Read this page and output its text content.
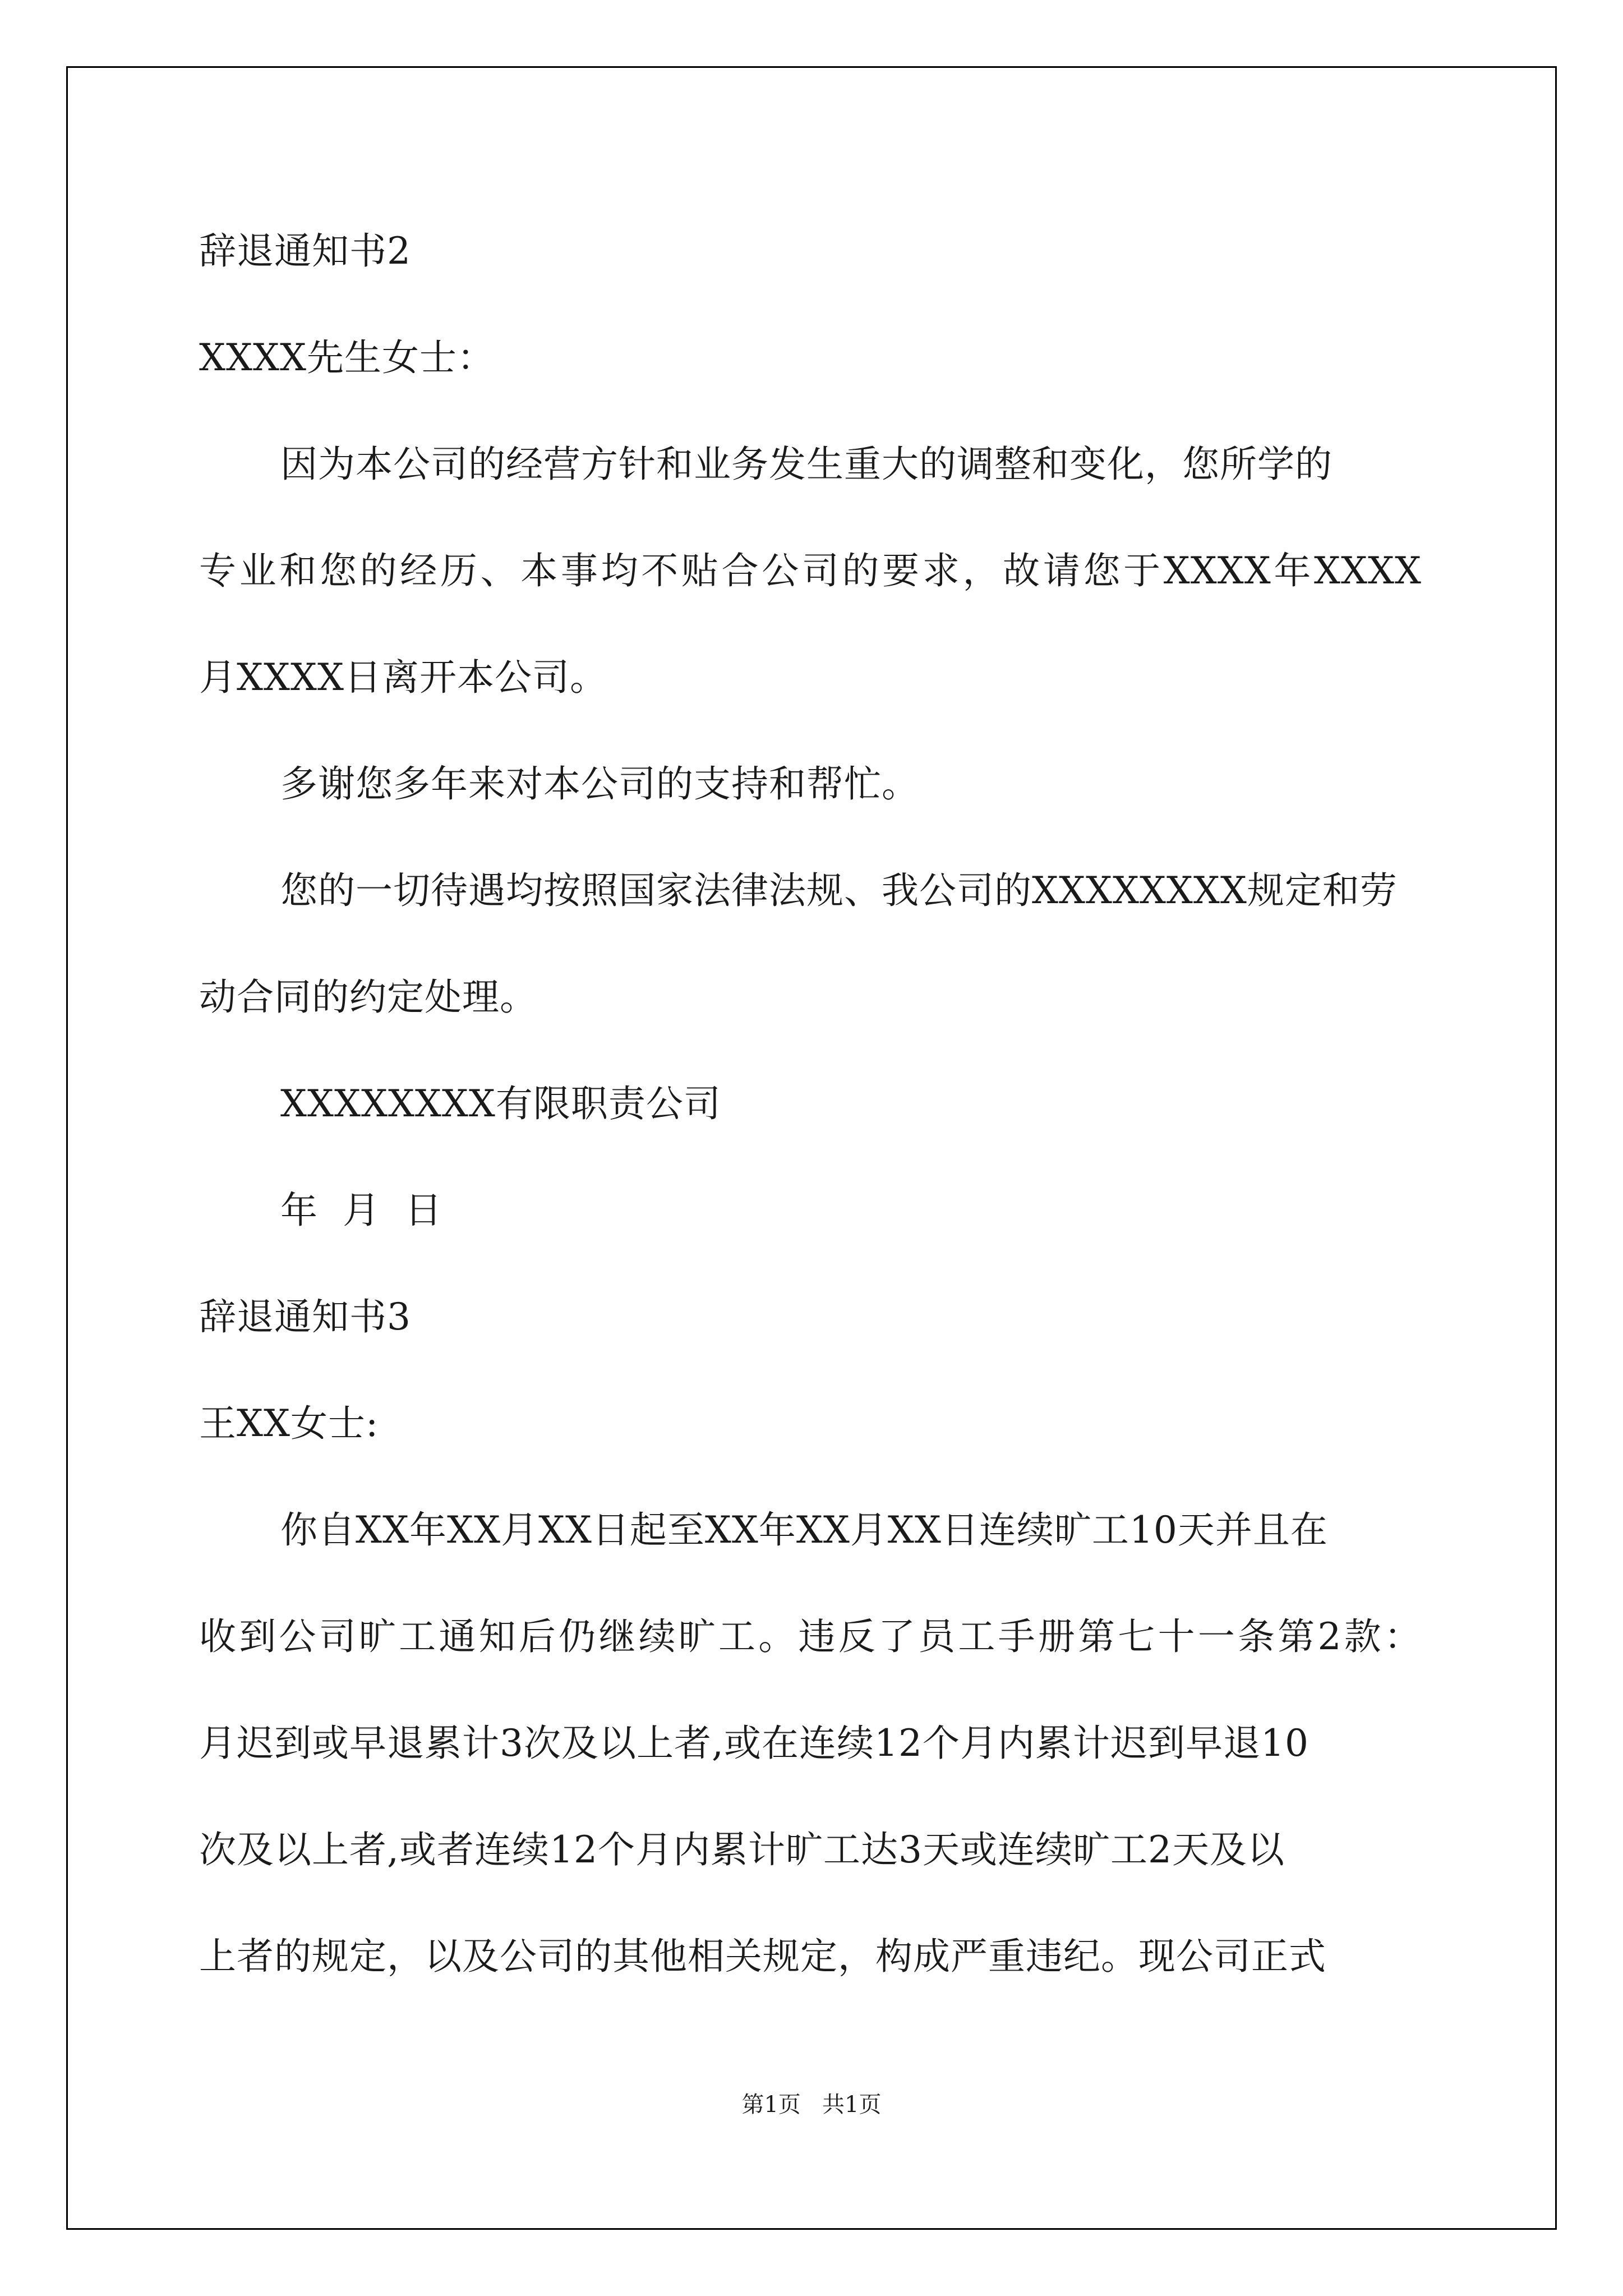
辞退通知书2
XXXX先生女士：
因为本公司的经营方针和业务发生重大的调整和变化，您所学的
专业和您的经历、本事均不贴合公司的要求，故请您于XXXX年XXXX
月XXXX日离开本公司。
多谢您多年来对本公司的支持和帮忙。
您的一切待遇均按照国家法律法规、我公司的XXXXXXXX规定和劳
动合同的约定处理。
XXXXXXXX有限职责公司
年  月  日
辞退通知书3
王XX女士:
你自XX年XX月XX日起至XX年XX月XX日连续旷工10天并且在
收到公司旷工通知后仍继续旷工。违反了员工手册第七十一条第2款：
月迟到或早退累计3次及以上者,或在连续12个月内累计迟到早退10
次及以上者,或者连续12个月内累计旷工达3天或连续旷工2天及以
上者的规定，以及公司的其他相关规定，构成严重违纪。现公司正式
第1页   共1页
